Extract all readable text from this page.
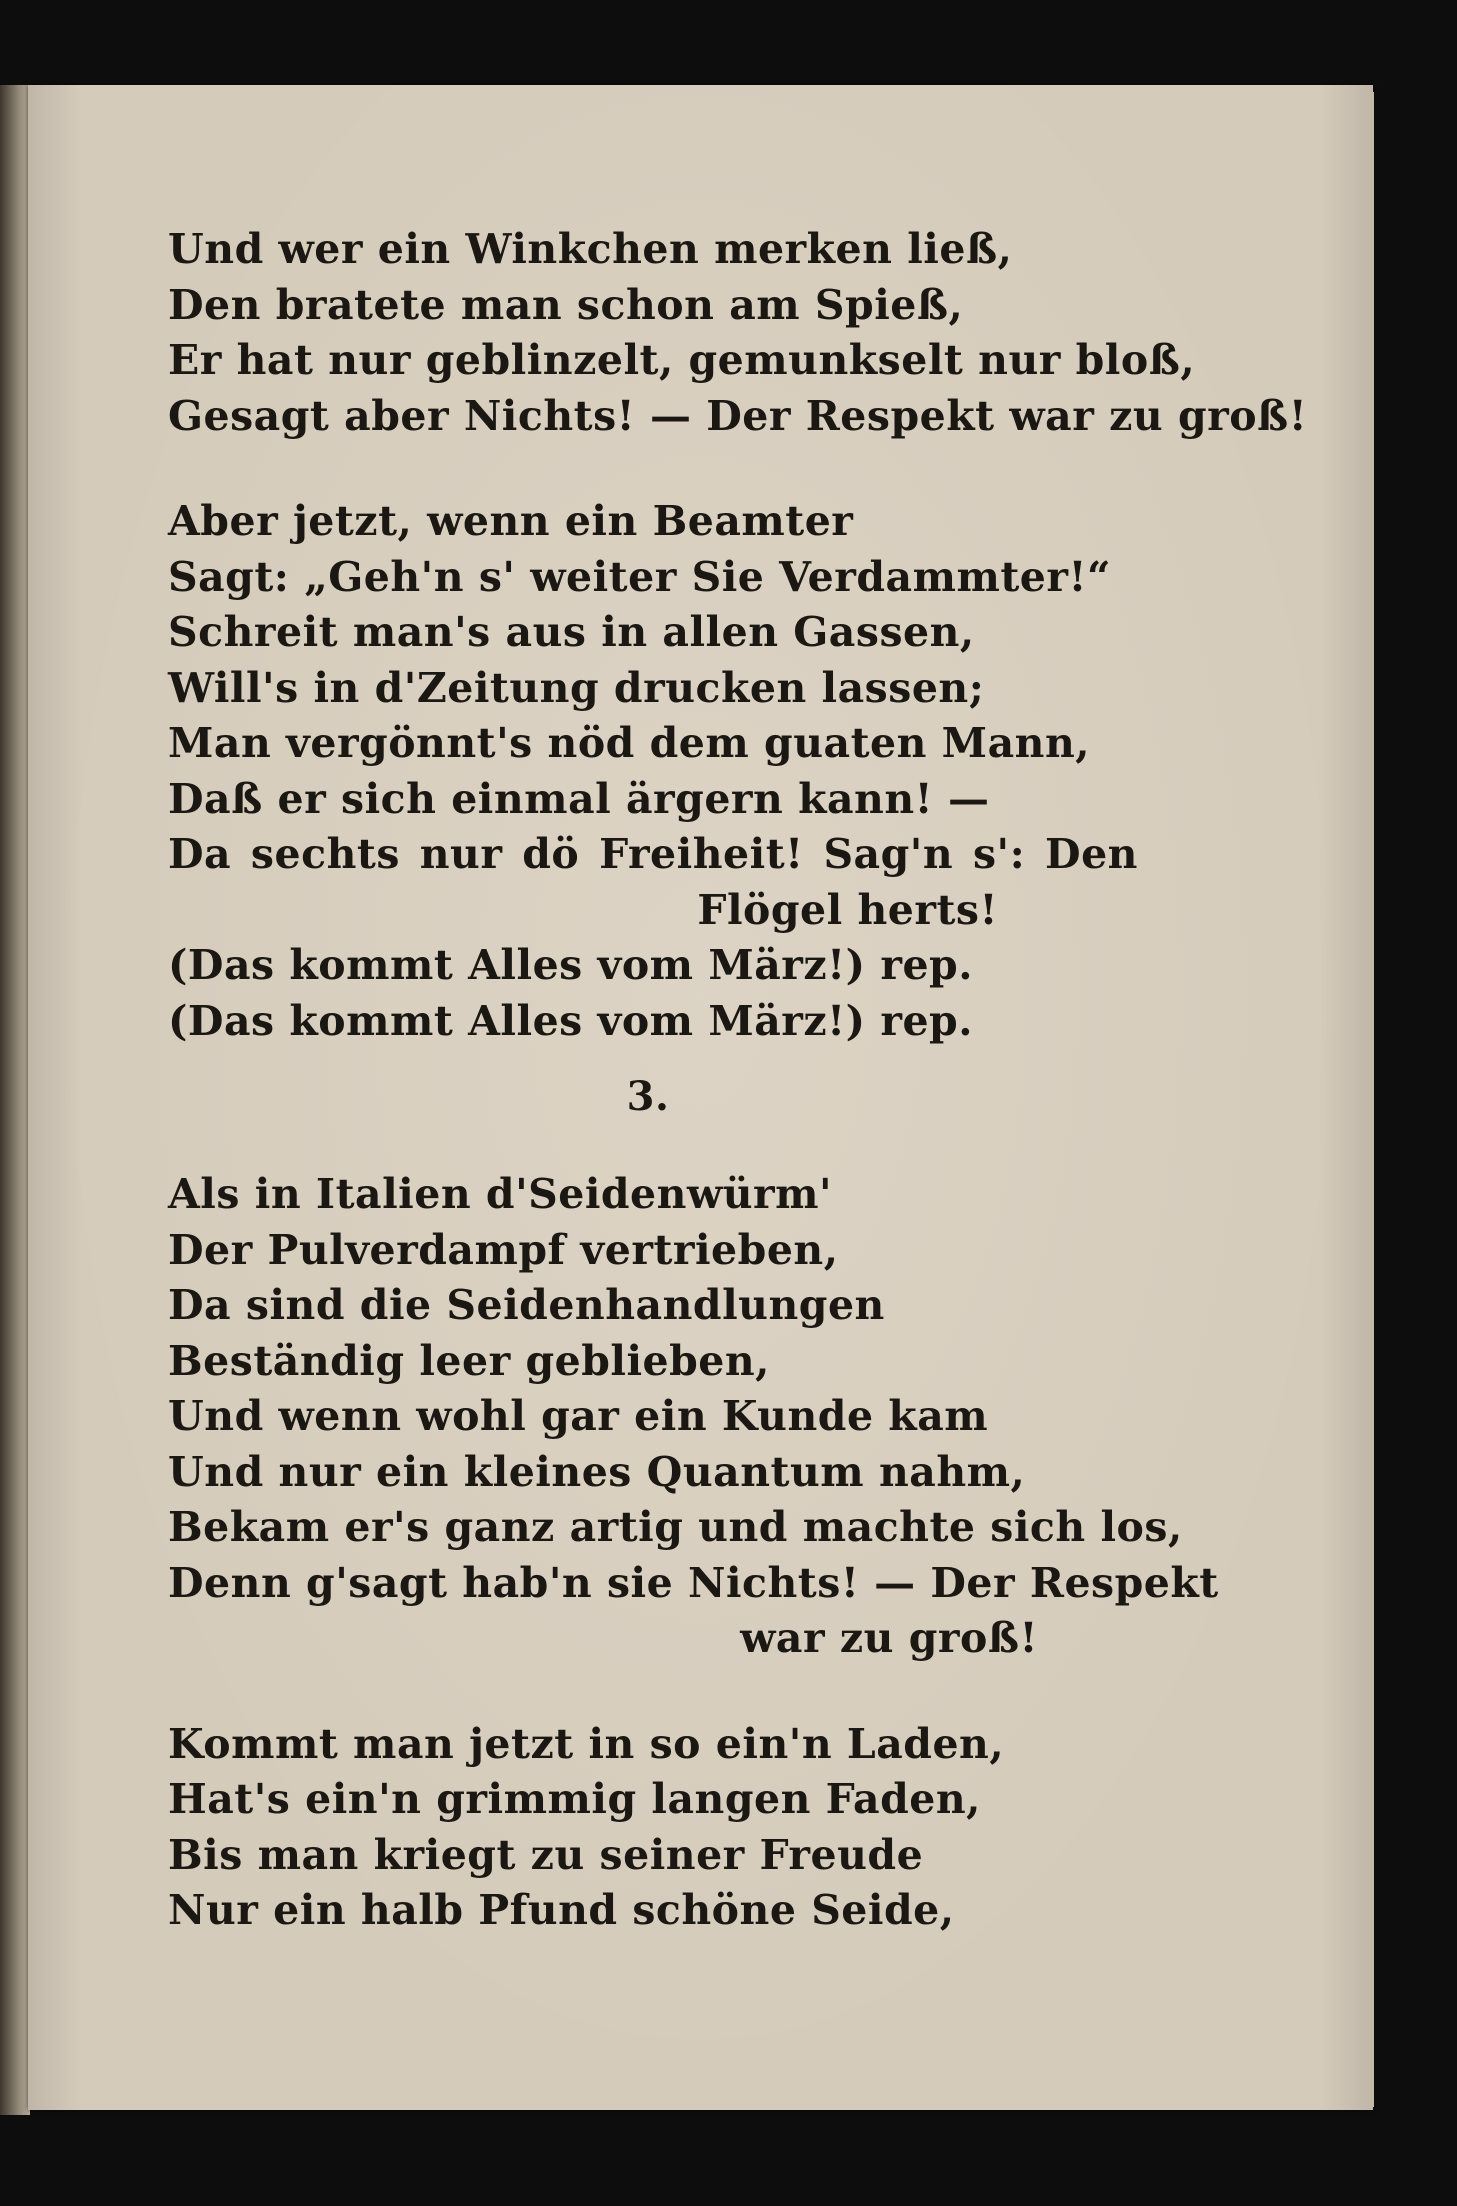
Und wer ein Winkchen merken ließ,
Den bratete man schon am Spieß,
Er hat nur geblinzelt, gemunkselt nur bloß,
Gesagt aber Nichts! — Der Respekt war zu groß!
Aber jetzt, wenn ein Beamter
Sagt: „Geh'n s' weiter Sie Verdammter!“
Schreit man's aus in allen Gassen,
Will's in d'Zeitung drucken lassen;
Man vergönnt's nöd dem guaten Mann,
Daß er sich einmal ärgern kann! —
Da sechts nur dö Freiheit! Sag'n s': Den
Flögel herts!
(Das kommt Alles vom März!) rep.
(Das kommt Alles vom März!) rep.
3.
Als in Italien d'Seidenwürm'
Der Pulverdampf vertrieben,
Da sind die Seidenhandlungen
Beständig leer geblieben,
Und wenn wohl gar ein Kunde kam
Und nur ein kleines Quantum nahm,
Bekam er's ganz artig und machte sich los,
Denn g'sagt hab'n sie Nichts! — Der Respekt
war zu groß!
Kommt man jetzt in so ein'n Laden,
Hat's ein'n grimmig langen Faden,
Bis man kriegt zu seiner Freude
Nur ein halb Pfund schöne Seide,
